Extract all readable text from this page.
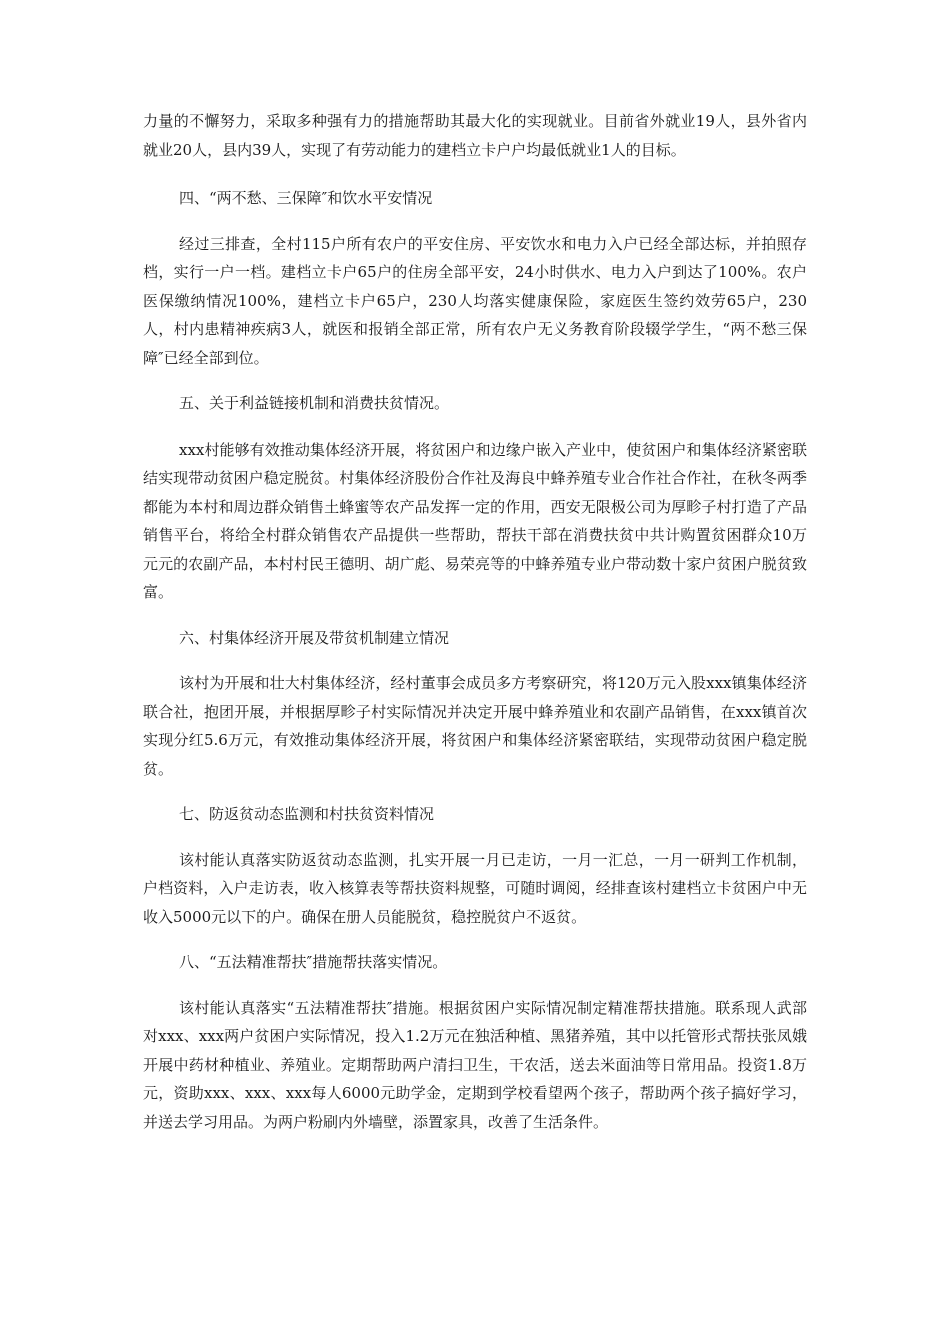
力量的不懈努力，采取多种强有力的措施帮助其最大化的实现就业。目前省外就业19人，县外省内就业20人，县内39人，实现了有劳动能力的建档立卡户户均最低就业1人的目标。

四、“两不愁、三保障″和饮水平安情况

经过三排查，全村115户所有农户的平安住房、平安饮水和电力入户已经全部达标，并拍照存档，实行一户一档。建档立卡户65户的住房全部平安，24小时供水、电力入户到达了100%。农户医保缴纳情况100%，建档立卡户65户，230人均落实健康保险，家庭医生签约效劳65户，230 人，村内患精神疾病3人，就医和报销全部正常，所有农户无义务教育阶段辍学学生，“两不愁三保障″已经全部到位。

五、关于利益链接机制和消费扶贫情况。

xxx村能够有效推动集体经济开展，将贫困户和边缘户嵌入产业中，使贫困户和集体经济紧密联结实现带动贫困户稳定脱贫。村集体经济股份合作社及海良中蜂养殖专业合作社合作社，在秋冬两季都能为本村和周边群众销售土蜂蜜等农产品发挥一定的作用，西安无限极公司为厚畛子村打造了产品销售平台，将给全村群众销售农产品提供一些帮助，帮扶干部在消费扶贫中共计购置贫困群众10万元元的农副产品，本村村民王德明、胡广彪、易荣亮等的中蜂养殖专业户带动数十家户贫困户脱贫致富。

六、村集体经济开展及带贫机制建立情况

该村为开展和壮大村集体经济，经村董事会成员多方考察研究，将120万元入股xxx镇集体经济联合社，抱团开展，并根据厚畛子村实际情况并决定开展中蜂养殖业和农副产品销售，在xxx镇首次实现分红5.6万元，有效推动集体经济开展，将贫困户和集体经济紧密联结，实现带动贫困户稳定脱贫。

七、防返贫动态监测和村扶贫资料情况

该村能认真落实防返贫动态监测，扎实开展一月已走访，一月一汇总，一月一研判工作机制，户档资料，入户走访表，收入核算表等帮扶资料规整，可随时调阅，经排查该村建档立卡贫困户中无收入5000元以下的户。确保在册人员能脱贫，稳控脱贫户不返贫。

八、“五法精准帮扶″措施帮扶落实情况。

该村能认真落实“五法精准帮扶″措施。根据贫困户实际情况制定精准帮扶措施。联系现人武部对xxx、xxx两户贫困户实际情况，投入1.2万元在独活种植、黑猪养殖，其中以托管形式帮扶张凤娥开展中药材种植业、养殖业。定期帮助两户清扫卫生，干农活，送去米面油等日常用品。投资1.8万元，资助xxx、xxx、xxx每人6000元助学金，定期到学校看望两个孩子，帮助两个孩子搞好学习，并送去学习用品。为两户粉刷内外墙壁，添置家具，改善了生活条件。
